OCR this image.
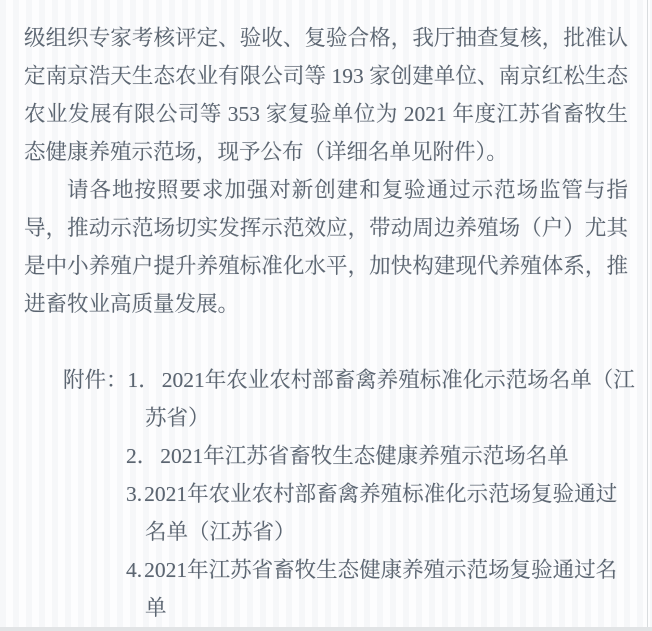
级组织专家考核评定、验收、复验合格，我厅抽查复核，批准认
定南京浩天生态农业有限公司等 193 家创建单位、南京红松生态
农业发展有限公司等 353 家复验单位为 2021 年度江苏省畜牧生
态健康养殖示范场，现予公布（详细名单见附件）。
请各地按照要求加强对新创建和复验通过示范场监管与指
导，推动示范场切实发挥示范效应，带动周边养殖场（户）尤其
是中小养殖户提升养殖标准化水平，加快构建现代养殖体系，推
进畜牧业高质量发展。
附件：1．2021年农业农村部畜禽养殖标准化示范场名单（江
苏省）
2．2021年江苏省畜牧生态健康养殖示范场名单
3.2021年农业农村部畜禽养殖标准化示范场复验通过
名单（江苏省）
4.2021年江苏省畜牧生态健康养殖示范场复验通过名
单
